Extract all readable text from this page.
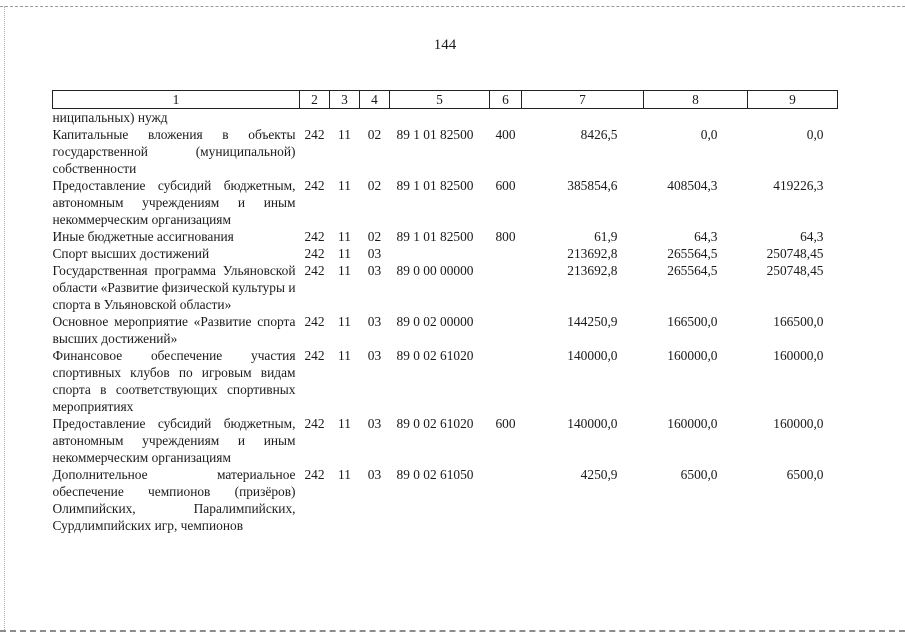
144
1	2	3	4	5	6	7	8	9
ниципальных) нужд								
Капитальные вложения в объекты государственной (муниципальной) собственности	242	11	02	89 1 01 82500	400	8426,5	0,0	0,0
Предоставление субсидий бюджетным, автономным учреждениям и иным некоммерческим организациям	242	11	02	89 1 01 82500	600	385854,6	408504,3	419226,3
Иные бюджетные ассигнования	242	11	02	89 1 01 82500	800	61,9	64,3	64,3
Спорт высших достижений	242	11	03			213692,8	265564,5	250748,45
Государственная программа Ульяновской области «Развитие физической культуры и спорта в Ульяновской области»	242	11	03	89 0 00 00000		213692,8	265564,5	250748,45
Основное мероприятие «Развитие спорта высших достижений»	242	11	03	89 0 02 00000		144250,9	166500,0	166500,0
Финансовое обеспечение участия спортивных клубов по игровым видам спорта в соответствующих спортивных мероприятиях	242	11	03	89 0 02 61020		140000,0	160000,0	160000,0
Предоставление субсидий бюджетным, автономным учреждениям и иным некоммерческим организациям	242	11	03	89 0 02 61020	600	140000,0	160000,0	160000,0
Дополнительное материальное обеспечение чемпионов (призёров) Олимпийских, Паралимпийских, Сурдлимпийских игр, чемпионов	242	11	03	89 0 02 61050		4250,9	6500,0	6500,0
